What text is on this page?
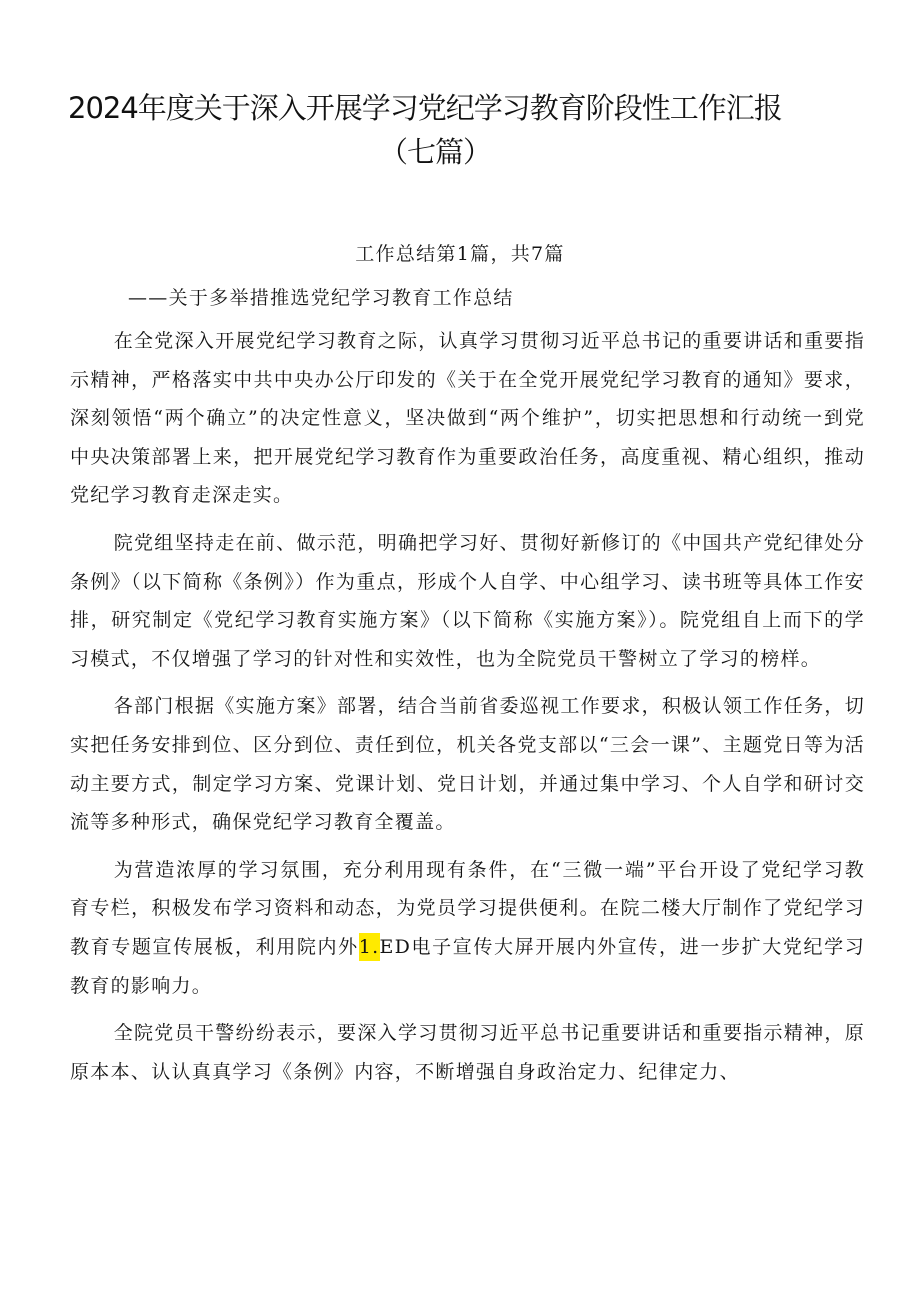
2024年度关于深入开展学习党纪学习教育阶段性工作汇报
（七篇）
工作总结第1篇，共7篇
——关于多举措推选党纪学习教育工作总结

在全党深入开展党纪学习教育之际，认真学习贯彻习近平总书记的重要讲话和重要指示精神，严格落实中共中央办公厅印发的《关于在全党开展党纪学习教育的通知》要求，深刻领悟“两个确立”的决定性意义，坚决做到“两个维护”，切实把思想和行动统一到党中央决策部署上来，把开展党纪学习教育作为重要政治任务，高度重视、精心组织，推动党纪学习教育走深走实。

院党组坚持走在前、做示范，明确把学习好、贯彻好新修订的《中国共产党纪律处分条例》（以下简称《条例》）作为重点，形成个人自学、中心组学习、读书班等具体工作安排，研究制定《党纪学习教育实施方案》（以下简称《实施方案》）。院党组自上而下的学习模式，不仅增强了学习的针对性和实效性，也为全院党员干警树立了学习的榜样。

各部门根据《实施方案》部署，结合当前省委巡视工作要求，积极认领工作任务，切实把任务安排到位、区分到位、责任到位，机关各党支部以“三会一课”、主题党日等为活动主要方式，制定学习方案、党课计划、党日计划，并通过集中学习、个人自学和研讨交流等多种形式，确保党纪学习教育全覆盖。

为营造浓厚的学习氛围，充分利用现有条件，在“三微一端”平台开设了党纪学习教育专栏，积极发布学习资料和动态，为党员学习提供便利。在院二楼大厅制作了党纪学习教育专题宣传展板，利用院内外1.ED电子宣传大屏开展内外宣传，进一步扩大党纪学习教育的影响力。

全院党员干警纷纷表示，要深入学习贯彻习近平总书记重要讲话和重要指示精神，原原本本、认认真真学习《条例》内容，不断增强自身政治定力、纪律定力、
